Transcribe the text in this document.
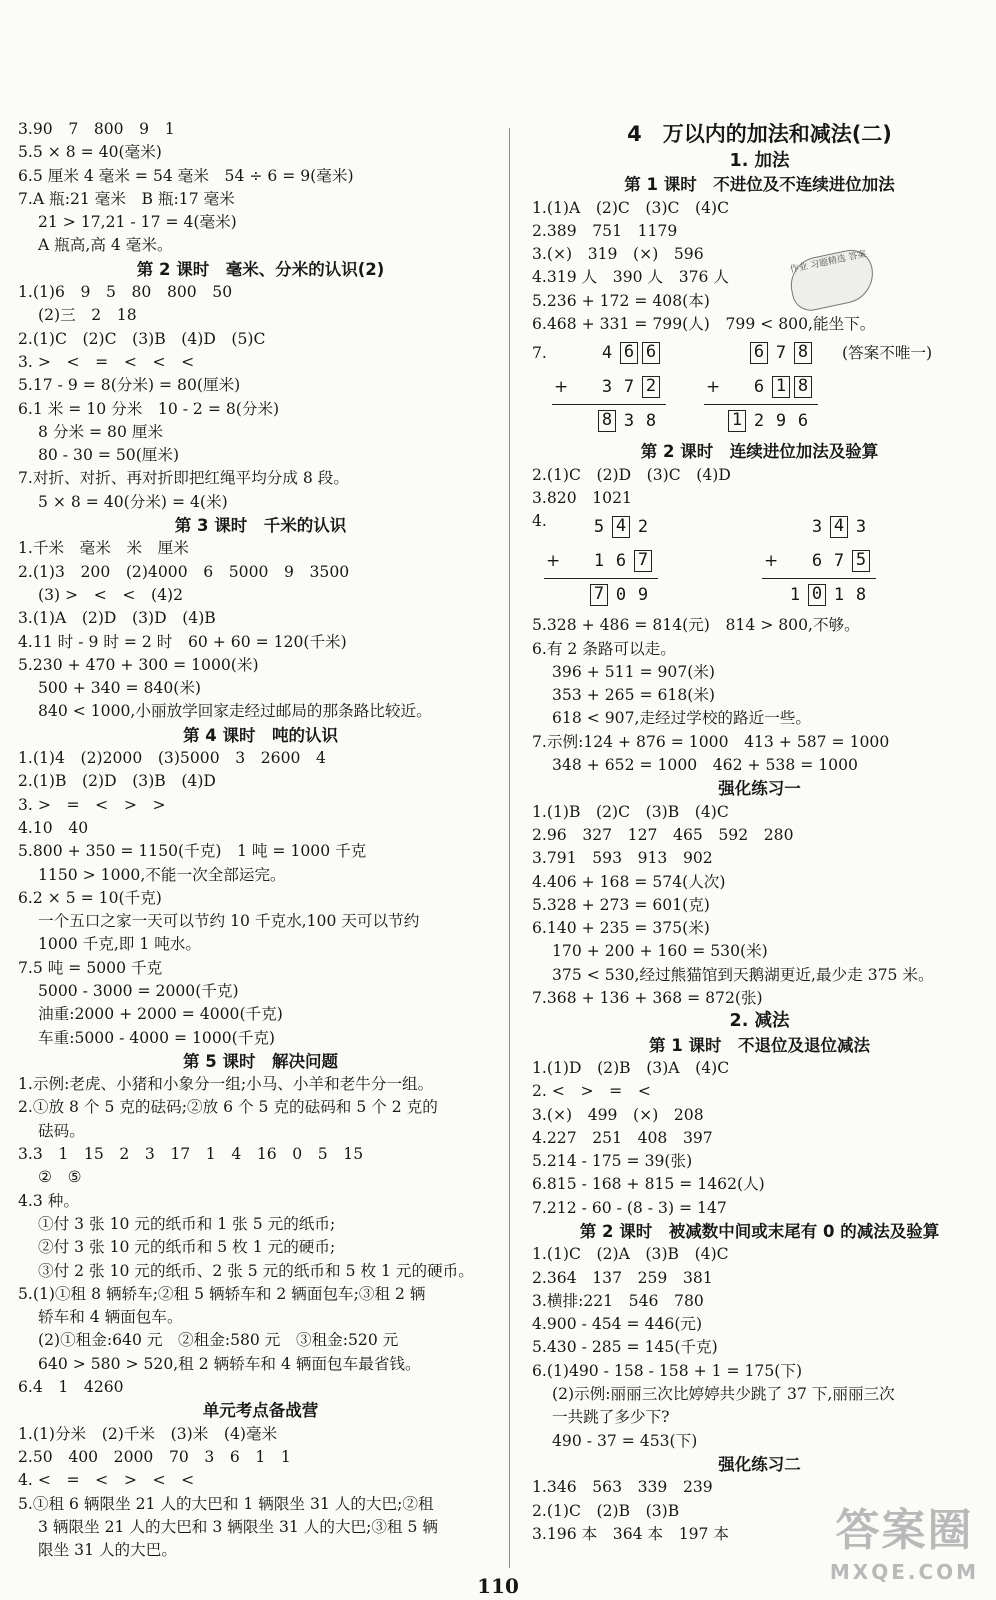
3.90　7　800　9　1
5.5 × 8 = 40(毫米)
6.5 厘米 4 毫米 = 54 毫米　54 ÷ 6 = 9(毫米)
7.A 瓶:21 毫米　B 瓶:17 毫米
21 > 17,21 - 17 = 4(毫米)
A 瓶高,高 4 毫米。
第 2 课时　毫米、分米的认识(2)
1.(1)6　9　5　80　800　50
(2)三　2　18
2.(1)C　(2)C　(3)B　(4)D　(5)C
3. >　<　=　<　<　<
5.17 - 9 = 8(分米) = 80(厘米)
6.1 米 = 10 分米　10 - 2 = 8(分米)
8 分米 = 80 厘米
80 - 30 = 50(厘米)
7.对折、对折、再对折即把红绳平均分成 8 段。
5 × 8 = 40(分米) = 4(米)
第 3 课时　千米的认识
1.千米　毫米　米　厘米
2.(1)3　200　(2)4000　6　5000　9　3500
(3) >　<　<　(4)2
3.(1)A　(2)D　(3)D　(4)B
4.11 时 - 9 时 = 2 时　60 + 60 = 120(千米)
5.230 + 470 + 300 = 1000(米)
500 + 340 = 840(米)
840 < 1000,小丽放学回家走经过邮局的那条路比较近。
第 4 课时　吨的认识
1.(1)4　(2)2000　(3)5000　3　2600　4
2.(1)B　(2)D　(3)B　(4)D
3. >　=　<　>　>
4.10　40
5.800 + 350 = 1150(千克)　1 吨 = 1000 千克
1150 > 1000,不能一次全部运完。
6.2 × 5 = 10(千克)
一个五口之家一天可以节约 10 千克水,100 天可以节约
1000 千克,即 1 吨水。
7.5 吨 = 5000 千克
5000 - 3000 = 2000(千克)
油重:2000 + 2000 = 4000(千克)
车重:5000 - 4000 = 1000(千克)
第 5 课时　解决问题
1.示例:老虎、小猪和小象分一组;小马、小羊和老牛分一组。
2.①放 8 个 5 克的砝码;②放 6 个 5 克的砝码和 5 个 2 克的
砝码。
3.3　1　15　2　3　17　1　4　16　0　5　15
②　⑤
4.3 种。
①付 3 张 10 元的纸币和 1 张 5 元的纸币;
②付 3 张 10 元的纸币和 5 枚 1 元的硬币;
③付 2 张 10 元的纸币、2 张 5 元的纸币和 5 枚 1 元的硬币。
5.(1)①租 8 辆轿车;②租 5 辆轿车和 2 辆面包车;③租 2 辆
轿车和 4 辆面包车。
(2)①租金:640 元　②租金:580 元　③租金:520 元
640 > 580 > 520,租 2 辆轿车和 4 辆面包车最省钱。
6.4　1　4260
单元考点备战营
1.(1)分米　(2)千米　(3)米　(4)毫米
2.50　400　2000　70　3　6　1　1
4. <　=　<　>　<　<
5.①租 6 辆限坐 21 人的大巴和 1 辆限坐 31 人的大巴;②租
3 辆限坐 21 人的大巴和 3 辆限坐 31 人的大巴;③租 5 辆
限坐 31 人的大巴。
4　万以内的加法和减法(二)
1. 加法
第 1 课时　不进位及不连续进位加法
1.(1)A　(2)C　(3)C　(4)C
2.389　751　1179
3.(×)　319　(×)　596
4.319 人　390 人　376 人
5.236 + 172 = 408(本)
6.468 + 331 = 799(人)　799 < 800,能坐下。
7.	(答案不唯一)
4 6 6
3 7 2
8 3 8
+
6 7 8
6 1 8
1 2 9 6
+
第 2 课时　连续进位加法及验算
2.(1)C　(2)D　(3)C　(4)D
3.820　1021
4.	5 4 2
1 6 7
7 0 9
+
3 4 3
6 7 5
1 0 1 8
+
5.328 + 486 = 814(元)　814 > 800,不够。
6.有 2 条路可以走。
396 + 511 = 907(米)
353 + 265 = 618(米)
618 < 907,走经过学校的路近一些。
7.示例:124 + 876 = 1000　413 + 587 = 1000
348 + 652 = 1000　462 + 538 = 1000
强化练习一
1.(1)B　(2)C　(3)B　(4)C
2.96　327　127　465　592　280
3.791　593　913　902
4.406 + 168 = 574(人次)
5.328 + 273 = 601(克)
6.140 + 235 = 375(米)
170 + 200 + 160 = 530(米)
375 < 530,经过熊猫馆到天鹅湖更近,最少走 375 米。
7.368 + 136 + 368 = 872(张)
2. 减法
第 1 课时　不退位及退位减法
1.(1)D　(2)B　(3)A　(4)C
2. <　>　=　<
3.(×)　499　(×)　208
4.227　251　408　397
5.214 - 175 = 39(张)
6.815 - 168 + 815 = 1462(人)
7.212 - 60 - (8 - 3) = 147
第 2 课时　被减数中间或末尾有 0 的减法及验算
1.(1)C　(2)A　(3)B　(4)C
2.364　137　259　381
3.横排:221　546　780
4.900 - 454 = 446(元)
5.430 - 285 = 145(千克)
6.(1)490 - 158 - 158 + 1 = 175(下)
(2)示例:丽丽三次比婷婷共少跳了 37 下,丽丽三次
一共跳了多少下?
490 - 37 = 453(下)
强化练习二
1.346　563　339　239
2.(1)C　(2)B　(3)B
3.196 本　364 本　197 本
作业 习题精选 答案
答案圈
MXQE.COM
110
